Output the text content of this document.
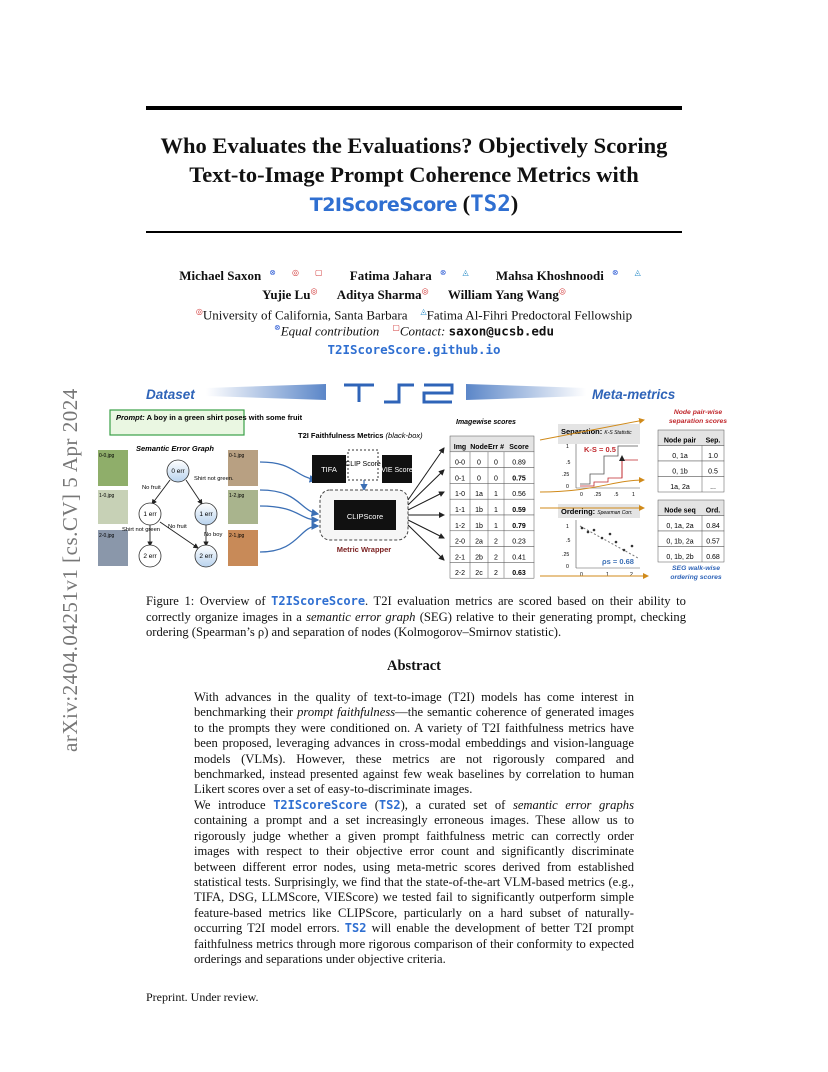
arXiv:2404.04251v1 [cs.CV] 5 Apr 2024
Who Evaluates the Evaluations? Objectively Scoring
Text-to-Image Prompt Coherence Metrics with
T2IScoreScore (TS2)
Michael Saxon ⊗ ◎ ▢ Fatima Jahara ⊗ ◬ Mahsa Khoshnoodi ⊗ ◬
Yujie Lu◎ Aditya Sharma◎ William Yang Wang◎
◎University of California, Santa Barbara ◬Fatima Al-Fihri Predoctoral Fellowship
⊗Equal contribution ▢Contact: saxon@ucsb.edu
T2IScoreScore.github.io
Dataset
TS2
Meta-metrics
Prompt: A boy in a green shirt poses with some fruit
Semantic Error Graph
0-0.jpg	0-1.jpg
1-0.jpg	1-2.jpg
2-0.jpg	2-1.jpg
No fruit
Shirt not green.
Shirt not green No fruit
No boy
0 err
1 err	1 err
2 err	2 err
T2I Faithfulness Metrics (black-box)
TIFA
CLIP Score
VIE Score
CLIPScore
Metric Wrapper
Imagewise scores
Img Node Err # Score
0-0 0 0 0.89
0-1 0 0 0.75
1-0 1a 1 0.56
1-1 1b 1 0.59
1-2 1b 1 0.79
2-0 2a 2 0.23
2-1 2b 2 0.41
2-2 2c 2 0.63
Separation: K-S Statistic
K-S = 0.5
1
.5
.25
0
0 .25 .5	1
Ordering: Spearman Corr.
ρs = 0.68
1
.5
.25
0
0	1	2
Node pair-wise separation scores
Node pair-wise separation scores
Node pair Sep.
0, 1a	1.0
0, 1b	0.5
1a, 2a	...
Node seq Ord.
0, 1a, 2a 0.84
0, 1b, 2a 0.57
0, 1b, 2b 0.68
SEG walk-wise ordering scores
SEG walk-wise ordering scores
Figure 1: Overview of T2IScoreScore. T2I evaluation metrics are scored based on their ability to correctly organize images in a semantic error graph (SEG) relative to their generating prompt, checking ordering (Spearman’s ρ) and separation of nodes (Kolmogorov–Smirnov statistic).
Abstract
With advances in the quality of text-to-image (T2I) models has come interest in benchmarking their prompt faithfulness—the semantic coherence of generated images to the prompts they were conditioned on. A variety of T2I faithfulness metrics have been proposed, leveraging advances in cross-modal embeddings and vision-language models (VLMs). However, these metrics are not rigorously compared and benchmarked, instead presented against few weak baselines by correlation to human Likert scores over a set of easy-to-discriminate images.
We introduce T2IScoreScore (TS2), a curated set of semantic error graphs containing a prompt and a set increasingly erroneous images. These allow us to rigorously judge whether a given prompt faithfulness metric can correctly order images with respect to their objective error count and significantly discriminate between different error nodes, using meta-metric scores derived from established statistical tests. Surprisingly, we find that the state-of-the-art VLM-based metrics (e.g., TIFA, DSG, LLMScore, VIEScore) we tested fail to significantly outperform simple feature-based metrics like CLIPScore, particularly on a hard subset of naturally-occurring T2I model errors. TS2 will enable the development of better T2I prompt faithfulness metrics through more rigorous comparison of their conformity to expected orderings and separations under objective criteria.
Preprint. Under review.
